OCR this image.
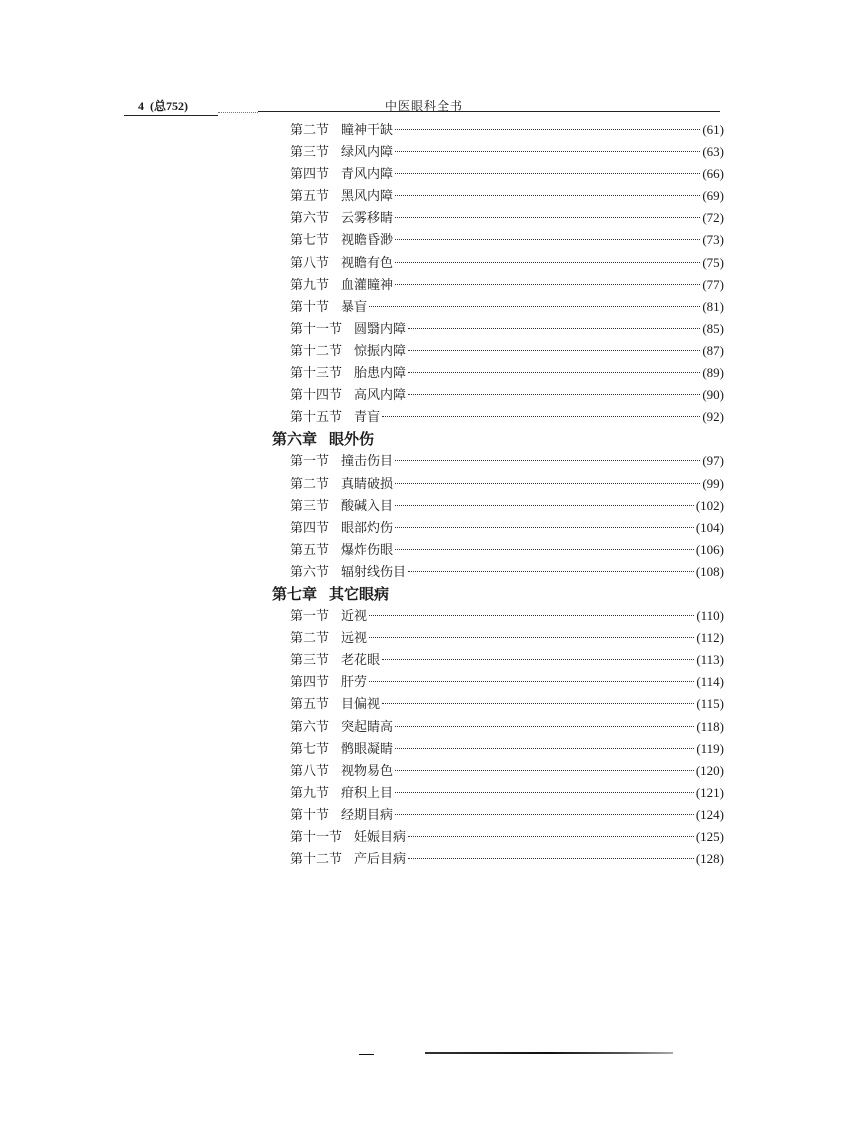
4  (总752)	中医眼科全书
第二节 瞳神干缺	(61)
第三节 绿风内障	(63)
第四节 青风内障	(66)
第五节 黑风内障	(69)
第六节 云雾移睛	(72)
第七节 视瞻昏渺	(73)
第八节 视瞻有色	(75)
第九节 血灌瞳神	(77)
第十节 暴盲	(81)
第十一节 圆翳内障	(85)
第十二节 惊振内障	(87)
第十三节 胎患内障	(89)
第十四节 高风内障	(90)
第十五节 青盲	(92)
第六章 眼外伤
第一节 撞击伤目	(97)
第二节 真睛破损	(99)
第三节 酸碱入目	(102)
第四节 眼部灼伤	(104)
第五节 爆炸伤眼	(106)
第六节 辐射线伤目	(108)
第七章 其它眼病
第一节 近视	(110)
第二节 远视	(112)
第三节 老花眼	(113)
第四节 肝劳	(114)
第五节 目偏视	(115)
第六节 突起睛高	(118)
第七节 鹘眼凝睛	(119)
第八节 视物易色	(120)
第九节 疳积上目	(121)
第十节 经期目病	(124)
第十一节 妊娠目病	(125)
第十二节 产后目病	(128)
